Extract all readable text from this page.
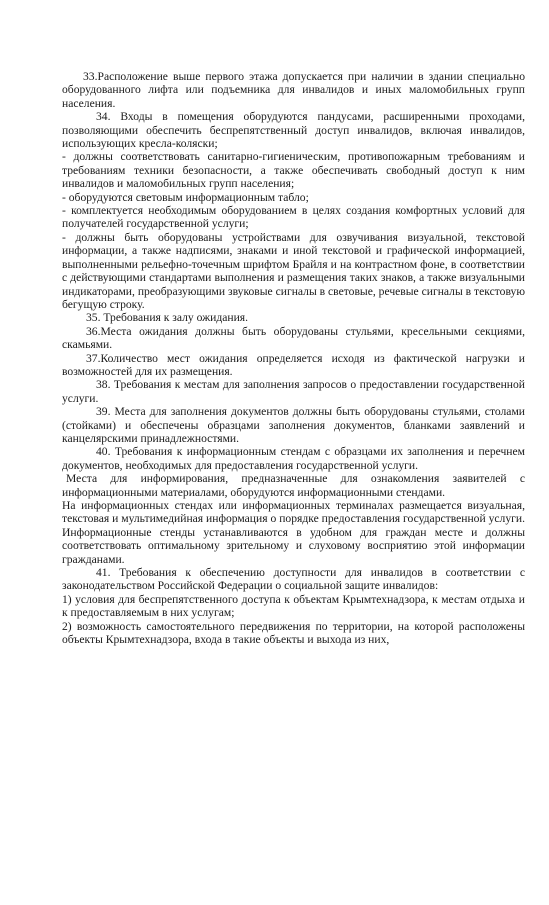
33.Расположение выше первого этажа допускается при наличии в здании специально оборудованного лифта или подъемника для инвалидов и иных маломобильных групп населения.

34. Входы в помещения оборудуются пандусами, расширенными проходами, позволяющими обеспечить беспрепятственный доступ инвалидов, включая инвалидов, использующих кресла-коляски;

- должны соответствовать санитарно-гигиеническим, противопожарным требованиям и требованиям техники безопасности, а также обеспечивать свободный доступ к ним инвалидов и маломобильных групп населения;

- оборудуются световым информационным табло;

- комплектуется необходимым оборудованием в целях создания комфортных условий для получателей государственной услуги;

- должны быть оборудованы устройствами для озвучивания визуальной, текстовой информации, а также надписями, знаками и иной текстовой и графической информацией, выполненными рельефно-точечным шрифтом Брайля и на контрастном фоне, в соответствии с действующими стандартами выполнения и размещения таких знаков, а также визуальными индикаторами, преобразующими звуковые сигналы в световые, речевые сигналы в текстовую бегущую строку.

35. Требования к залу ожидания.

36.Места ожидания должны быть оборудованы стульями, кресельными секциями, скамьями.

37.Количество мест ожидания определяется исходя из фактической нагрузки и возможностей для их размещения.

38. Требования к местам для заполнения запросов о предоставлении государственной услуги.

39. Места для заполнения документов должны быть оборудованы стульями, столами (стойками) и обеспечены образцами заполнения документов, бланками заявлений и канцелярскими принадлежностями.

40. Требования к информационным стендам с образцами их заполнения и перечнем документов, необходимых для предоставления государственной услуги.

Места для информирования, предназначенные для ознакомления заявителей с информационными материалами, оборудуются информационными стендами.

На информационных стендах или информационных терминалах размещается визуальная, текстовая и мультимедийная информация о порядке предоставления государственной услуги. Информационные стенды устанавливаются в удобном для граждан месте и должны соответствовать оптимальному зрительному и слуховому восприятию этой информации гражданами.

41. Требования к обеспечению доступности для инвалидов в соответствии с законодательством Российской Федерации о социальной защите инвалидов:

1) условия для беспрепятственного доступа к объектам Крымтехнадзора, к местам отдыха и к предоставляемым в них услугам;

2) возможность самостоятельного передвижения по территории, на которой расположены объекты Крымтехнадзора, входа в такие объекты и выхода из них,
